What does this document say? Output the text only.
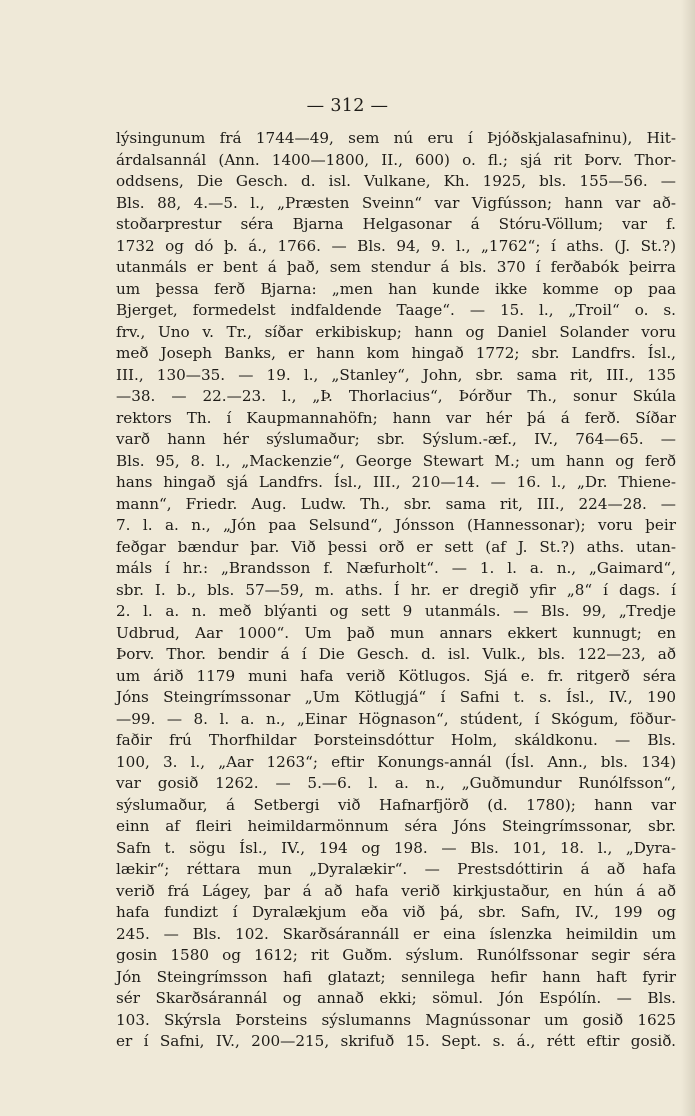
— 312 —
lýsingunum frá 1744—49, sem nú eru í Þjóðskjalasafninu), Hit-
árdalsannál (Ann. 1400—1800, II., 600) o. fl.; sjá rit Þorv. Thor-
oddsens, Die Gesch. d. isl. Vulkane, Kh. 1925, bls. 155—56. —
Bls. 88, 4.—5. l., „Præsten Sveinn“ var Vigfússon; hann var að-
stoðarprestur séra Bjarna Helgasonar á Stóru-Völlum; var f.
1732 og dó þ. á., 1766. — Bls. 94, 9. l., „1762“; í aths. (J. St.?)
utanmáls er bent á það, sem stendur á bls. 370 í ferðabók þeirra
um þessa ferð Bjarna: „men han kunde ikke komme op paa
Bjerget, formedelst indfaldende Taage“. — 15. l., „Troil“ o. s.
frv., Uno v. Tr., síðar erkibiskup; hann og Daniel Solander voru
með Joseph Banks, er hann kom hingað 1772; sbr. Landfrs. Ísl.,
III., 130—35. — 19. l., „Stanley“, John, sbr. sama rit, III., 135
—38. — 22.—23. l., „Þ. Thorlacius“, Þórður Th., sonur Skúla
rektors Th. í Kaupmannahöfn; hann var hér þá á ferð. Síðar
varð hann hér sýslumaður; sbr. Sýslum.-æf., IV., 764—65. —
Bls. 95, 8. l., „Mackenzie“, George Stewart M.; um hann og ferð
hans hingað sjá Landfrs. Ísl., III., 210—14. — 16. l., „Dr. Thiene-
mann“, Friedr. Aug. Ludw. Th., sbr. sama rit, III., 224—28. —
7. l. a. n., „Jón paa Selsund“, Jónsson (Hannessonar); voru þeir
feðgar bændur þar. Við þessi orð er sett (af J. St.?) aths. utan-
máls í hr.: „Brandsson f. Næfurholt“. — 1. l. a. n., „Gaimard“,
sbr. I. b., bls. 57—59, m. aths. Í hr. er dregið yfir „8“ í dags. í
2. l. a. n. með blýanti og sett 9 utanmáls. — Bls. 99, „Tredje
Udbrud, Aar 1000“. Um það mun annars ekkert kunnugt; en
Þorv. Thor. bendir á í Die Gesch. d. isl. Vulk., bls. 122—23, að
um árið 1179 muni hafa verið Kötlugos. Sjá e. fr. ritgerð séra
Jóns Steingrímssonar „Um Kötlugjá“ í Safni t. s. Ísl., IV., 190
—99. — 8. l. a. n., „Einar Högnason“, stúdent, í Skógum, föður-
faðir frú Thorfhildar Þorsteinsdóttur Holm, skáldkonu. — Bls.
100, 3. l., „Aar 1263“; eftir Konungs-annál (Ísl. Ann., bls. 134)
var gosið 1262. — 5.—6. l. a. n., „Guðmundur Runólfsson“,
sýslumaður, á Setbergi við Hafnarfjörð (d. 1780); hann var
einn af fleiri heimildarmönnum séra Jóns Steingrímssonar, sbr.
Safn t. sögu Ísl., IV., 194 og 198. — Bls. 101, 18. l., „Dyra-
lækir“; réttara mun „Dyralækir“. — Prestsdóttirin á að hafa
verið frá Lágey, þar á að hafa verið kirkjustaður, en hún á að
hafa fundizt í Dyralækjum eða við þá, sbr. Safn, IV., 199 og
245. — Bls. 102. Skarðsárannáll er eina íslenzka heimildin um
gosin 1580 og 1612; rit Guðm. sýslum. Runólfssonar segir séra
Jón Steingrímsson hafi glatazt; sennilega hefir hann haft fyrir
sér Skarðsárannál og annað ekki; sömul. Jón Espólín. — Bls.
103. Skýrsla Þorsteins sýslumanns Magnússonar um gosið 1625
er í Safni, IV., 200—215, skrifuð 15. Sept. s. á., rétt eftir gosið.
